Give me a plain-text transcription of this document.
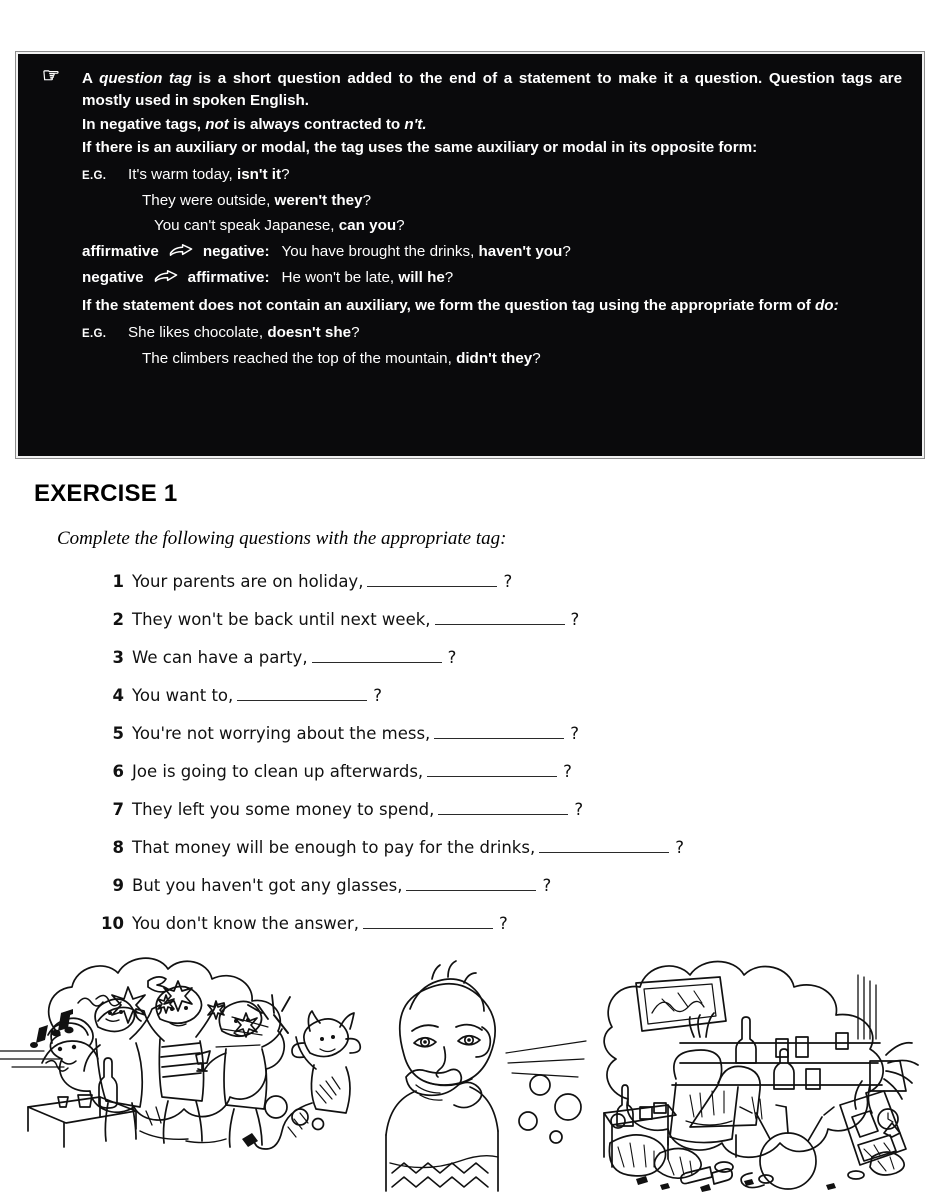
☞ A question tag is a short question added to the end of a statement to make it a question. Question tags are mostly used in spoken English.

In negative tags, not is always contracted to n't.

If there is an auxiliary or modal, the tag uses the same auxiliary or modal in its opposite form:

E.G.	It's warm today, isn't it?
They were outside, weren't they?
You can't speak Japanese, can you?
affirmative	negative: You have brought the drinks, haven't you?
negative	affirmative: He won't be late, will he?

If the statement does not contain an auxiliary, we form the question tag using the appropriate form of do:

E.G.	She likes chocolate, doesn't she?
The climbers reached the top of the mountain, didn't they?
EXERCISE 1
Complete the following questions with the appropriate tag:
1 Your parents are on holiday,	?
2 They won't be back until next week,	?
3 We can have a party,	?
4 You want to,	?
5 You're not worrying about the mess,	?
6 Joe is going to clean up afterwards,	?
7 They left you some money to spend,	?
8 That money will be enough to pay for the drinks,	?
9 But you haven't got any glasses,	?
10 You don't know the answer,	?
